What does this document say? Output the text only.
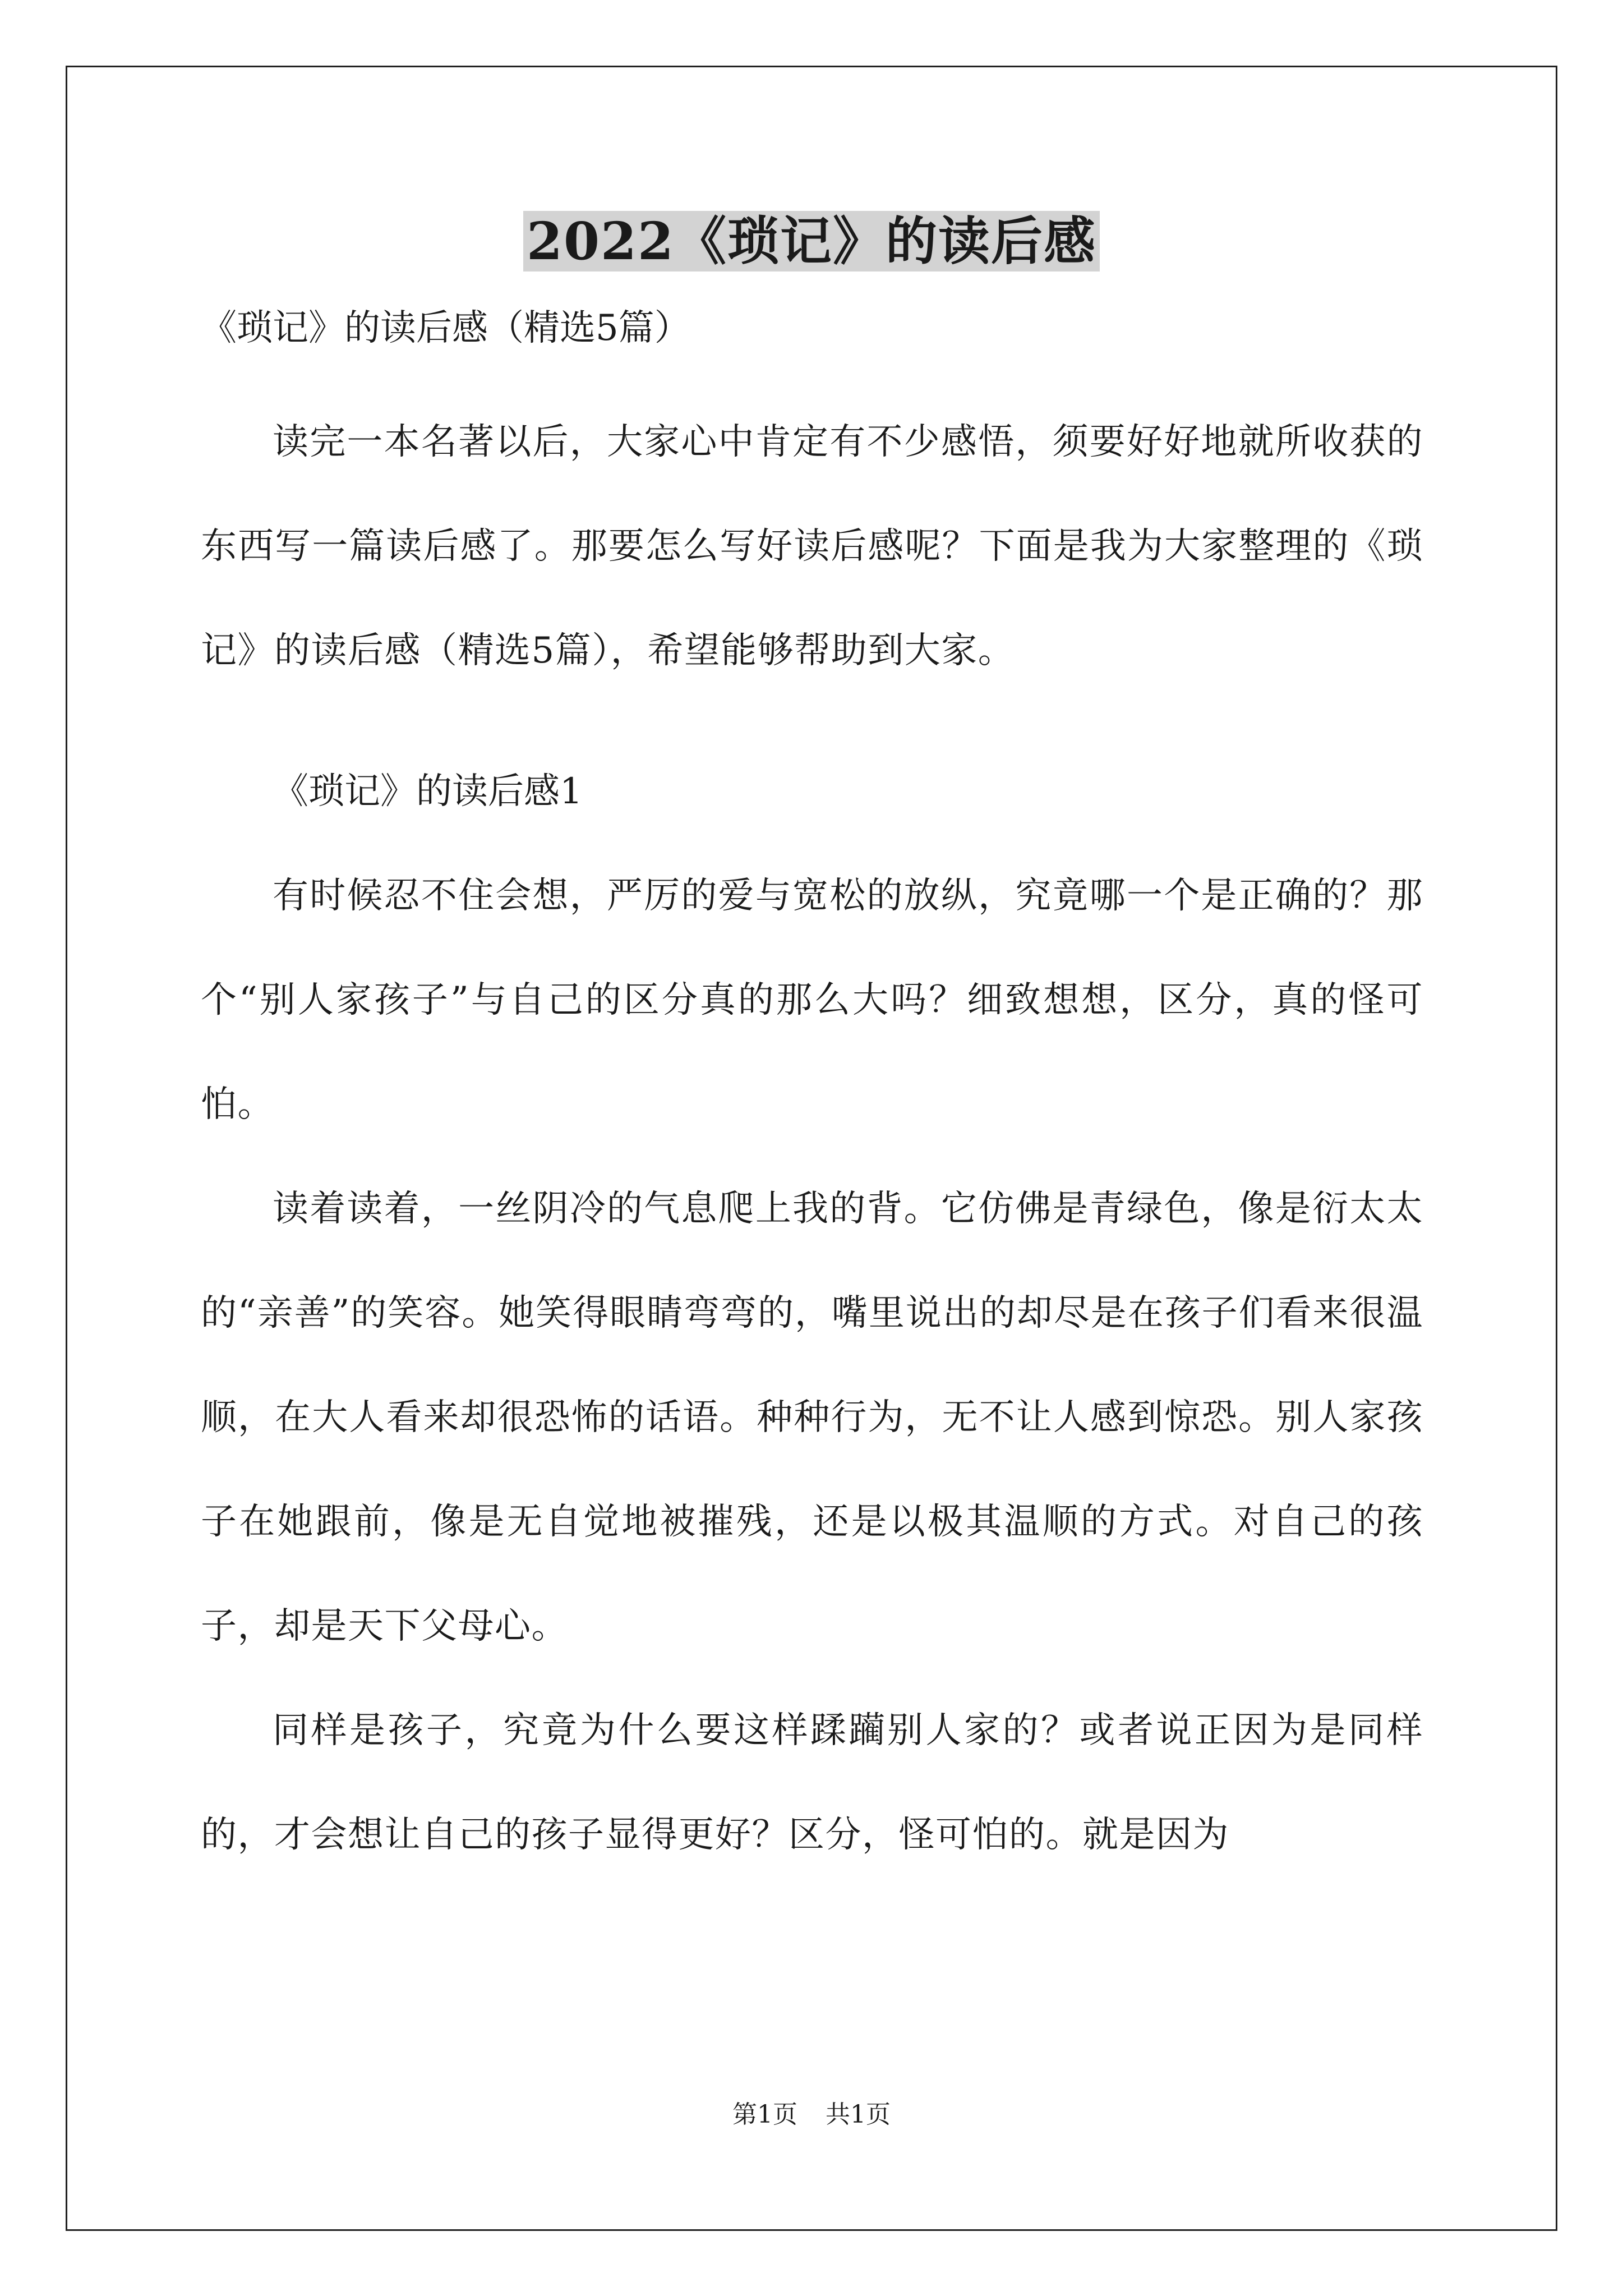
2022《琐记》的读后感
《琐记》的读后感（精选5篇）

读完一本名著以后，大家心中肯定有不少感悟，须要好好地就所收获的东西写一篇读后感了。那要怎么写好读后感呢？下面是我为大家整理的《琐记》的读后感（精选5篇），希望能够帮助到大家。

《琐记》的读后感1

有时候忍不住会想，严厉的爱与宽松的放纵，究竟哪一个是正确的？那个“别人家孩子”与自己的区分真的那么大吗？细致想想，区分，真的怪可怕。

读着读着，一丝阴冷的气息爬上我的背。它仿佛是青绿色，像是衍太太的“亲善”的笑容。她笑得眼睛弯弯的，嘴里说出的却尽是在孩子们看来很温顺，在大人看来却很恐怖的话语。种种行为，无不让人感到惊恐。别人家孩子在她跟前，像是无自觉地被摧残，还是以极其温顺的方式。对自己的孩子，却是天下父母心。

同样是孩子，究竟为什么要这样蹂躏别人家的？或者说正因为是同样的，才会想让自己的孩子显得更好？区分，怪可怕的。就是因为

第1页 共1页
